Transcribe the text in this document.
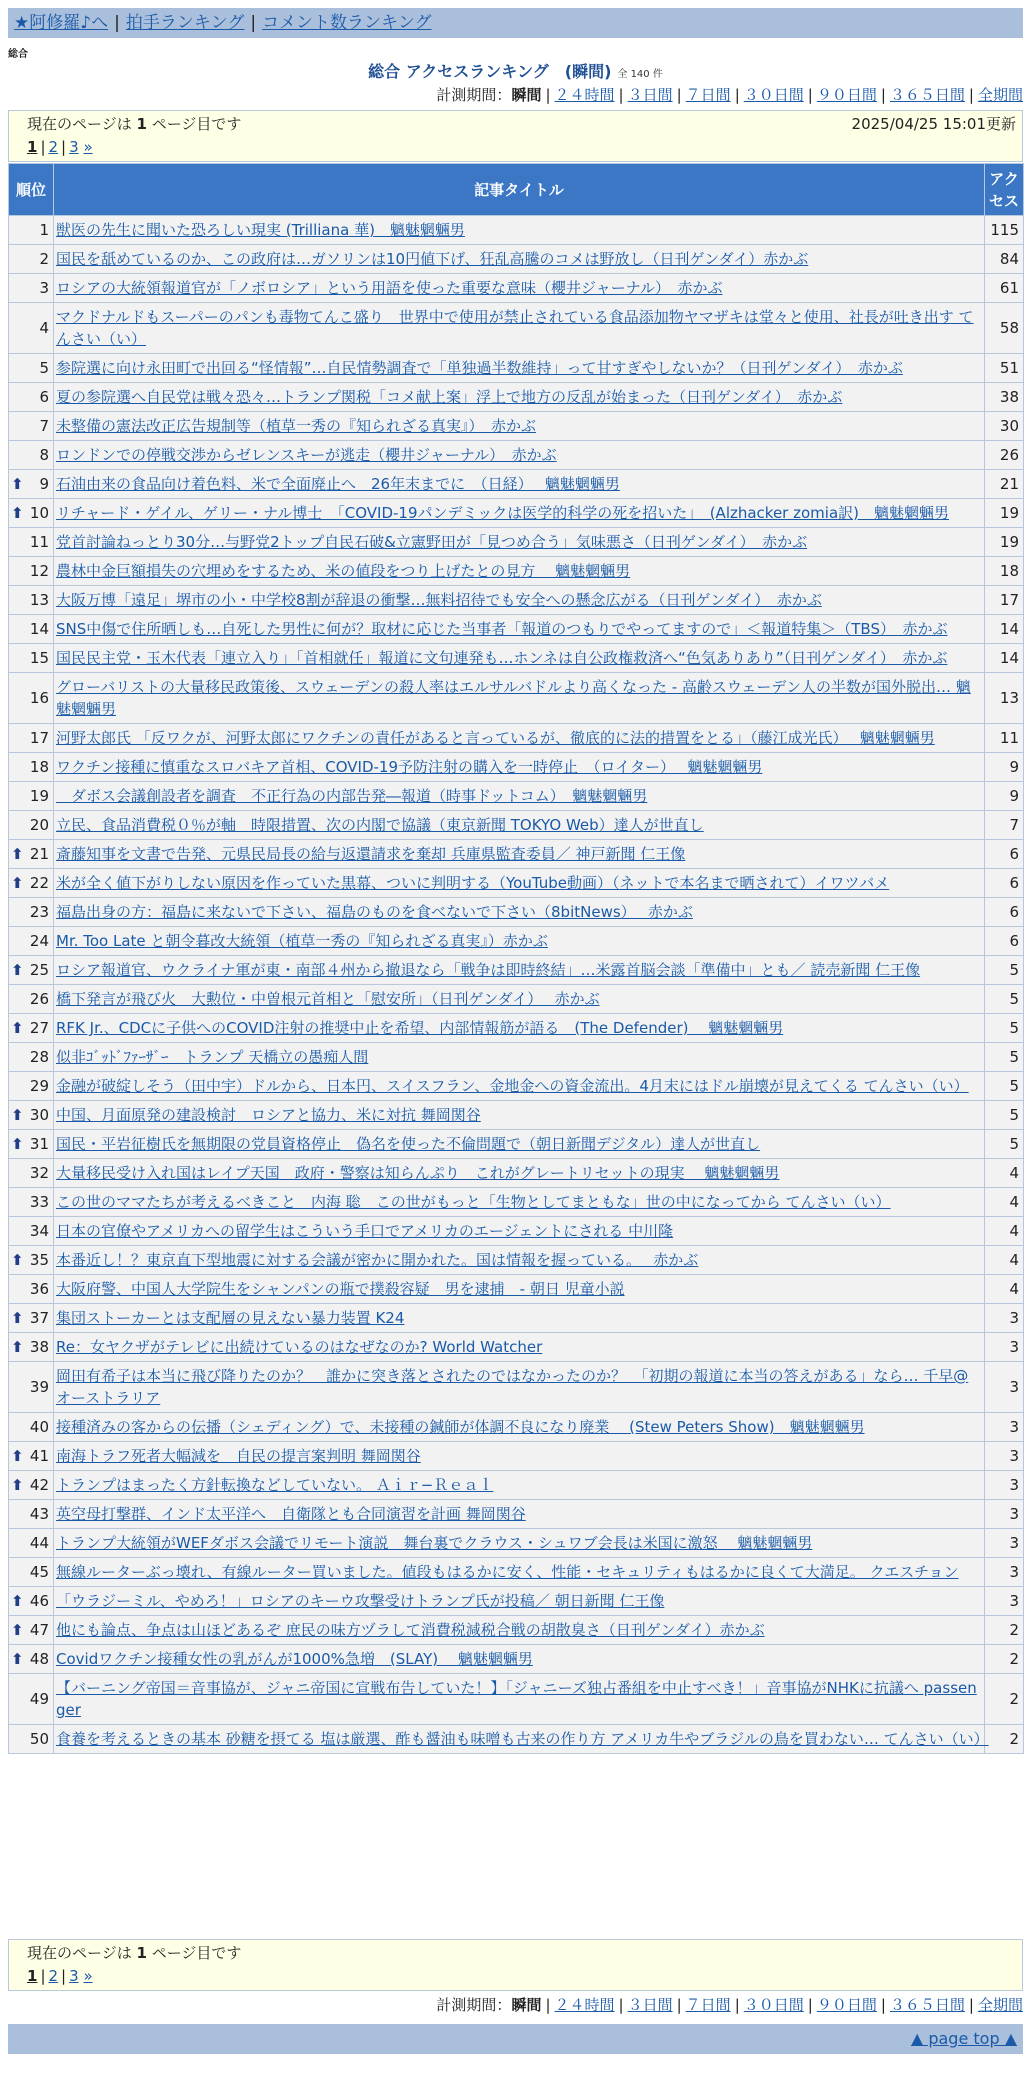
★阿修羅♪へ | 拍手ランキング | コメント数ランキング
総合
総合 アクセスランキング　(瞬間) 全 140 件
計測期間：瞬間 | ２４時間 | ３日間 | ７日間 | ３０日間 | ９０日間 | ３６５日間 | 全期間
現在のページは 1 ページ目です	2025/04/25 15:01更新
1 | 2 | 3 »
順位	記事タイトル	アクセス
1	獣医の先生に聞いた恐ろしい現実 (Trilliana 華)　魑魅魍魎男	115
2	国民を舐めているのか、この政府は…ガソリンは10円値下げ、狂乱高騰のコメは野放し（日刊ゲンダイ）赤かぶ	84
3	ロシアの大統領報道官が「ノボロシア」という用語を使った重要な意味（櫻井ジャーナル）　赤かぶ	61
4	マクドナルドもスーパーのパンも毒物てんこ盛り　世界中で使用が禁止されている食品添加物ヤマザキは堂々と使用、社長が吐き出す てんさい（い）	58
5	参院選に向け永田町で出回る“怪情報”…自民情勢調査で「単独過半数維持」って甘すぎやしないか？（日刊ゲンダイ）　赤かぶ	51
6	夏の参院選へ自民党は戦々恐々…トランプ関税「コメ献上案」浮上で地方の反乱が始まった（日刊ゲンダイ）　赤かぶ	38
7	未整備の憲法改正広告規制等（植草一秀の『知られざる真実』）　赤かぶ	30
8	ロンドンでの停戦交渉からゼレンスキーが逃走（櫻井ジャーナル）　赤かぶ	26

⬆ 9	石油由来の食品向け着色料、米で全面廃止へ　26年末までに　（日経）　 魑魅魍魎男	21

⬆ 10	リチャード・ゲイル、ゲリー・ナル博士　「COVID-19パンデミックは医学的科学の死を招いた」　(Alzhacker zomia訳)　魑魅魍魎男	19
11	党首討論ねっとり30分…与野党2トップ自民石破&立憲野田が「見つめ合う」気味悪さ（日刊ゲンダイ）　赤かぶ	19
12	農林中金巨額損失の穴埋めをするため、米の値段をつり上げたとの見方　 魑魅魍魎男	18
13	大阪万博「遠足」堺市の小・中学校8割が辞退の衝撃…無料招待でも安全への懸念広がる（日刊ゲンダイ）　赤かぶ	17
14	SNS中傷で住所晒しも…自死した男性に何が？取材に応じた当事者「報道のつもりでやってますので」＜報道特集＞（TBS）　赤かぶ	14
15	国民民主党・玉木代表「連立入り」「首相就任」報道に文句連発も…ホンネは自公政権救済へ“色気ありあり”（日刊ゲンダイ）　赤かぶ	14
16	グローバリストの大量移民政策後、スウェーデンの殺人率はエルサルバドルより高くなった - 高齢スウェーデン人の半数が国外脱出… 魑魅魍魎男	13
17	河野太郎氏 「反ワクが、河野太郎にワクチンの責任があると言っているが、徹底的に法的措置をとる」（藤江成光氏）　 魑魅魍魎男	11
18	ワクチン接種に慎重なスロバキア首相、COVID-19予防注射の購入を一時停止　（ロイター）　 魑魅魍魎男	9
19	　ダボス会議創設者を調査　不正行為の内部告発―報道（時事ドットコム）　魑魅魍魎男	9
20	立民、食品消費税０％が軸　時限措置、次の内閣で協議（東京新聞 TOKYO Web）達人が世直し	7

⬆ 21	斎藤知事を文書で告発、元県民局長の給与返還請求を棄却 兵庫県監査委員／ 神戸新聞 仁王像	6

⬆ 22	米が全く値下がりしない原因を作っていた黒幕、ついに判明する（YouTube動画）（ネットで本名まで晒されて）イワツバメ	6
23	福島出身の方：福島に来ないで下さい、福島のものを食べないで下さい（8bitNews）　 赤かぶ	6
24	Mr. Too Late と朝令暮改大統領（植草一秀の『知られざる真実』）赤かぶ	6

⬆ 25	ロシア報道官、ウクライナ軍が東・南部４州から撤退なら「戦争は即時終結」…米露首脳会談「準備中」とも／ 読売新聞 仁王像	5
26	橋下発言が飛び火　大勲位・中曽根元首相と「慰安所」（日刊ゲンダイ）　 赤かぶ	5

⬆ 27	RFK Jr.、CDCに子供へのCOVID注射の推奨中止を希望、内部情報筋が語る　(The Defender)　 魑魅魍魎男	5
28	似非ｺﾞｯﾄﾞﾌｧｰｻﾞｰ　トランプ 天橋立の愚痴人間	5
29	金融が破綻しそう（田中宇）ドルから、日本円、スイスフラン、金地金への資金流出。4月末にはドル崩壊が見えてくる てんさい（い）	5

⬆ 30	中国、月面原発の建設検討　ロシアと協力、米に対抗 舞岡関谷	5

⬆ 31	国民・平岩征樹氏を無期限の党員資格停止　偽名を使った不倫問題で（朝日新聞デジタル）達人が世直し	5
32	大量移民受け入れ国はレイプ天国　政府・警察は知らんぷり　これがグレートリセットの現実　 魑魅魍魎男	4
33	この世のママたちが考えるべきこと　内海 聡　この世がもっと「生物としてまともな」世の中になってから てんさい（い）	4
34	日本の官僚やアメリカへの留学生はこういう手口でアメリカのエージェントにされる 中川隆	4

⬆ 35	本番近し！？東京直下型地震に対する会議が密かに開かれた。国は情報を握っている。　 赤かぶ	4
36	大阪府警、中国人大学院生をシャンパンの瓶で撲殺容疑　男を逮捕　- 朝日 児童小説	4

⬆ 37	集団ストーカーとは支配層の見えない暴力装置 K24	3

⬆ 38	Re：女ヤクザがテレビに出続けているのはなぜなのか? World Watcher	3
39	岡田有希子は本当に飛び降りたのか？　誰かに突き落とされたのではなかったのか？　「初期の報道に本当の答えがある」なら… 千早@オーストラリア	3
40	接種済みの客からの伝播（シェディング）で、未接種の鍼師が体調不良になり廃業　 (Stew Peters Show)　魑魅魍魎男	3

⬆ 41	南海トラフ死者大幅減を　自民の提言案判明 舞岡関谷	3

⬆ 42	トランプはまったく方針転換などしていない。 Ａｉｒ−Ｒｅａｌ	3
43	英空母打撃群、インド太平洋へ　自衛隊とも合同演習を計画 舞岡関谷	3
44	トランプ大統領がWEFダボス会議でリモート演説　舞台裏でクラウス・シュワブ会長は米国に激怒　 魑魅魍魎男	3
45	無線ルーターぶっ壊れ、有線ルーター買いました。値段もはるかに安く、性能・セキュリティもはるかに良くて大満足。 クエスチョン	3

⬆ 46	「ウラジーミル、やめろ！」ロシアのキーウ攻撃受けトランプ氏が投稿／ 朝日新聞 仁王像	3

⬆ 47	他にも論点、争点は山ほどあるぞ 庶民の味方ヅラして消費税減税合戦の胡散臭さ（日刊ゲンダイ）赤かぶ	2

⬆ 48	Covidワクチン接種女性の乳がんが1000%急増　(SLAY)　 魑魅魍魎男	2
49	【バーニング帝国＝音事協が、ジャニ帝国に宣戦布告していた！】「ジャニーズ独占番組を中止すべき！」音事協がNHKに抗議へ passenger	2
50	食養を考えるときの基本 砂糖を摂てる 塩は厳選、酢も醤油も味噌も古来の作り方 アメリカ牛やブラジルの鳥を買わない… てんさい（い）	2
現在のページは 1 ページ目です
1 | 2 | 3 »
計測期間：瞬間 | ２４時間 | ３日間 | ７日間 | ３０日間 | ９０日間 | ３６５日間 | 全期間
▲ page top ▲
